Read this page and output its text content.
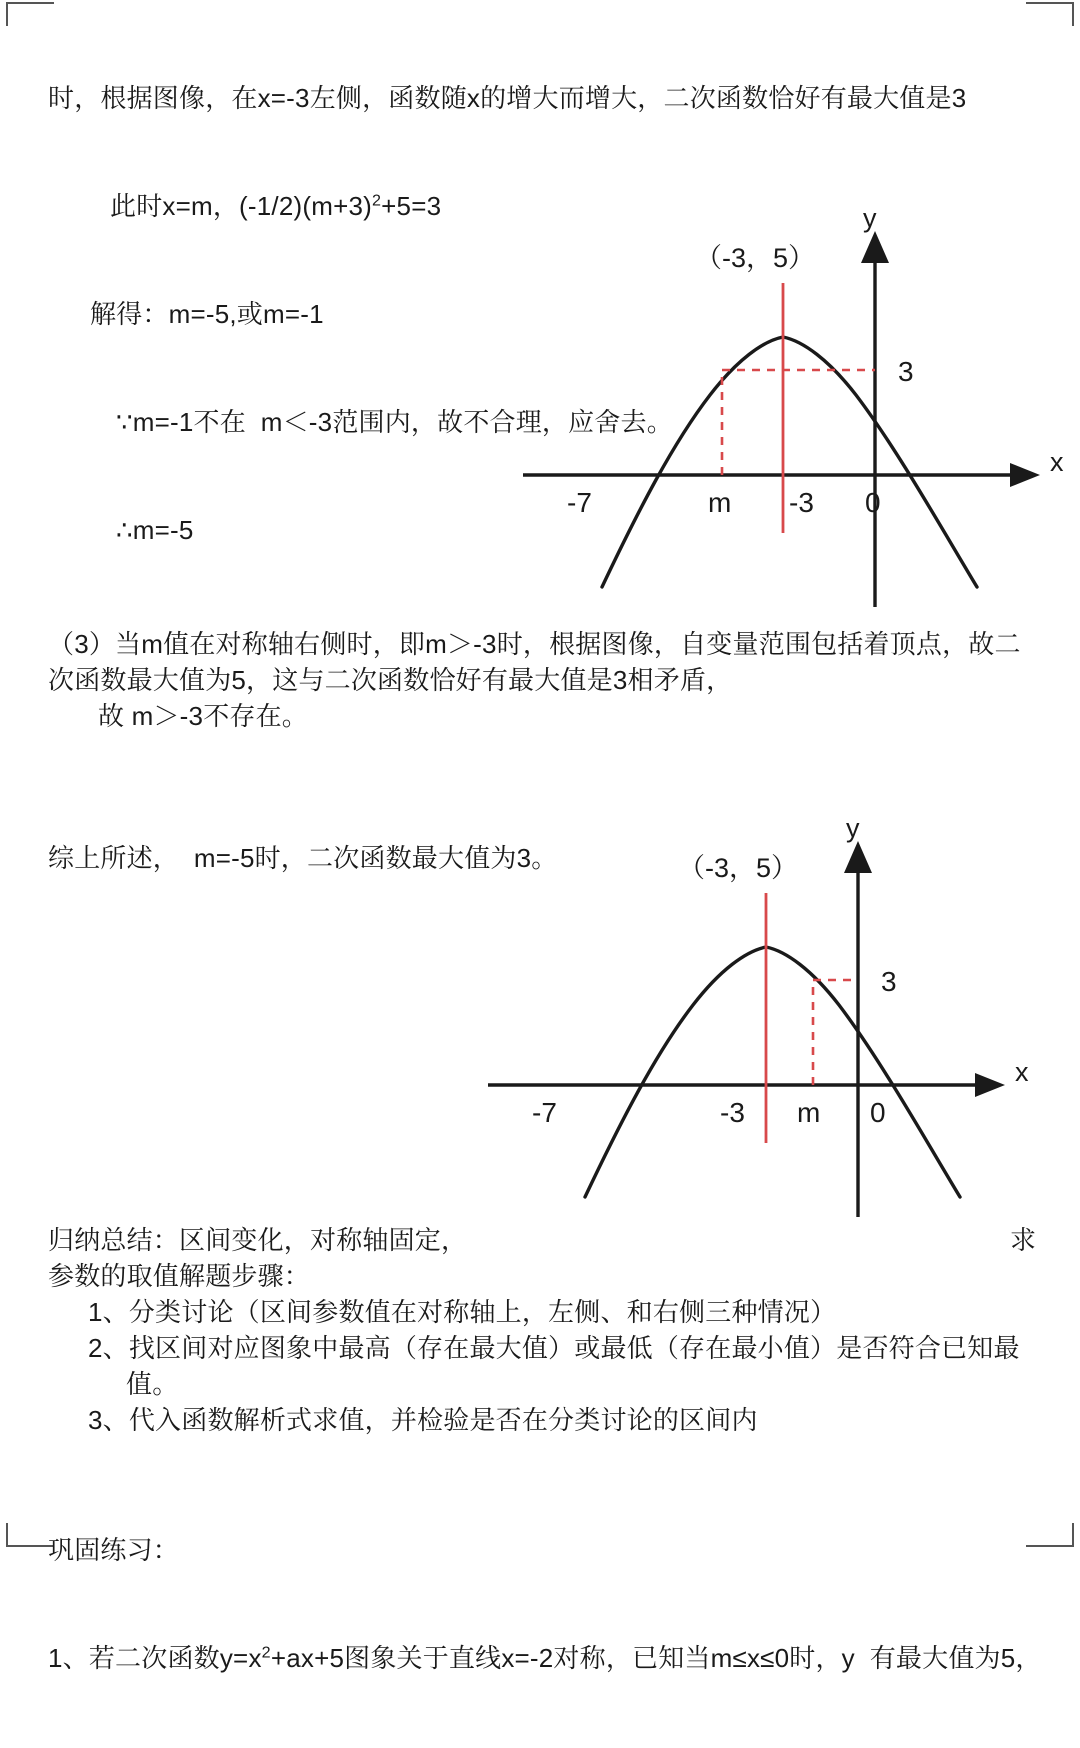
时，根据图像，在x=-3左侧，函数随x的增大而增大，二次函数恰好有最大值是3

此时x=m，$(-1/2)(m+3)^2+5=3$

解得：m=-5,或m=-1

∵m=-1不在  m＜-3范围内，故不合理，应舍去。

∴m=-5

x
y
（-3，5）
3
-7	m -3 0

（3）当m值在对称轴右侧时，即m＞-3时，根据图像，自变量范围包括着顶点，故二次函数最大值为5，这与二次函数恰好有最大值是3相矛盾，

故 m＞-3不存在。

综上所述，  m=-5时，二次函数最大值为3。

x
y
（-3，5）
3
-7	-3 m 0

归纳总结：区间变化，对称轴固定，

参数的取值解题步骤：

1、分类讨论（区间参数值在对称轴上，左侧、和右侧三种情况）

2、找区间对应图象中最高（存在最大值）或最低（存在最小值）是否符合已知最值。

3、代入函数解析式求值，并检验是否在分类讨论的区间内

求

巩固练习：

1、若二次函数$y=x^2+ax+5$图象关于直线x=-2对称，已知当m≤x≤0时，y  有最大值为5，
